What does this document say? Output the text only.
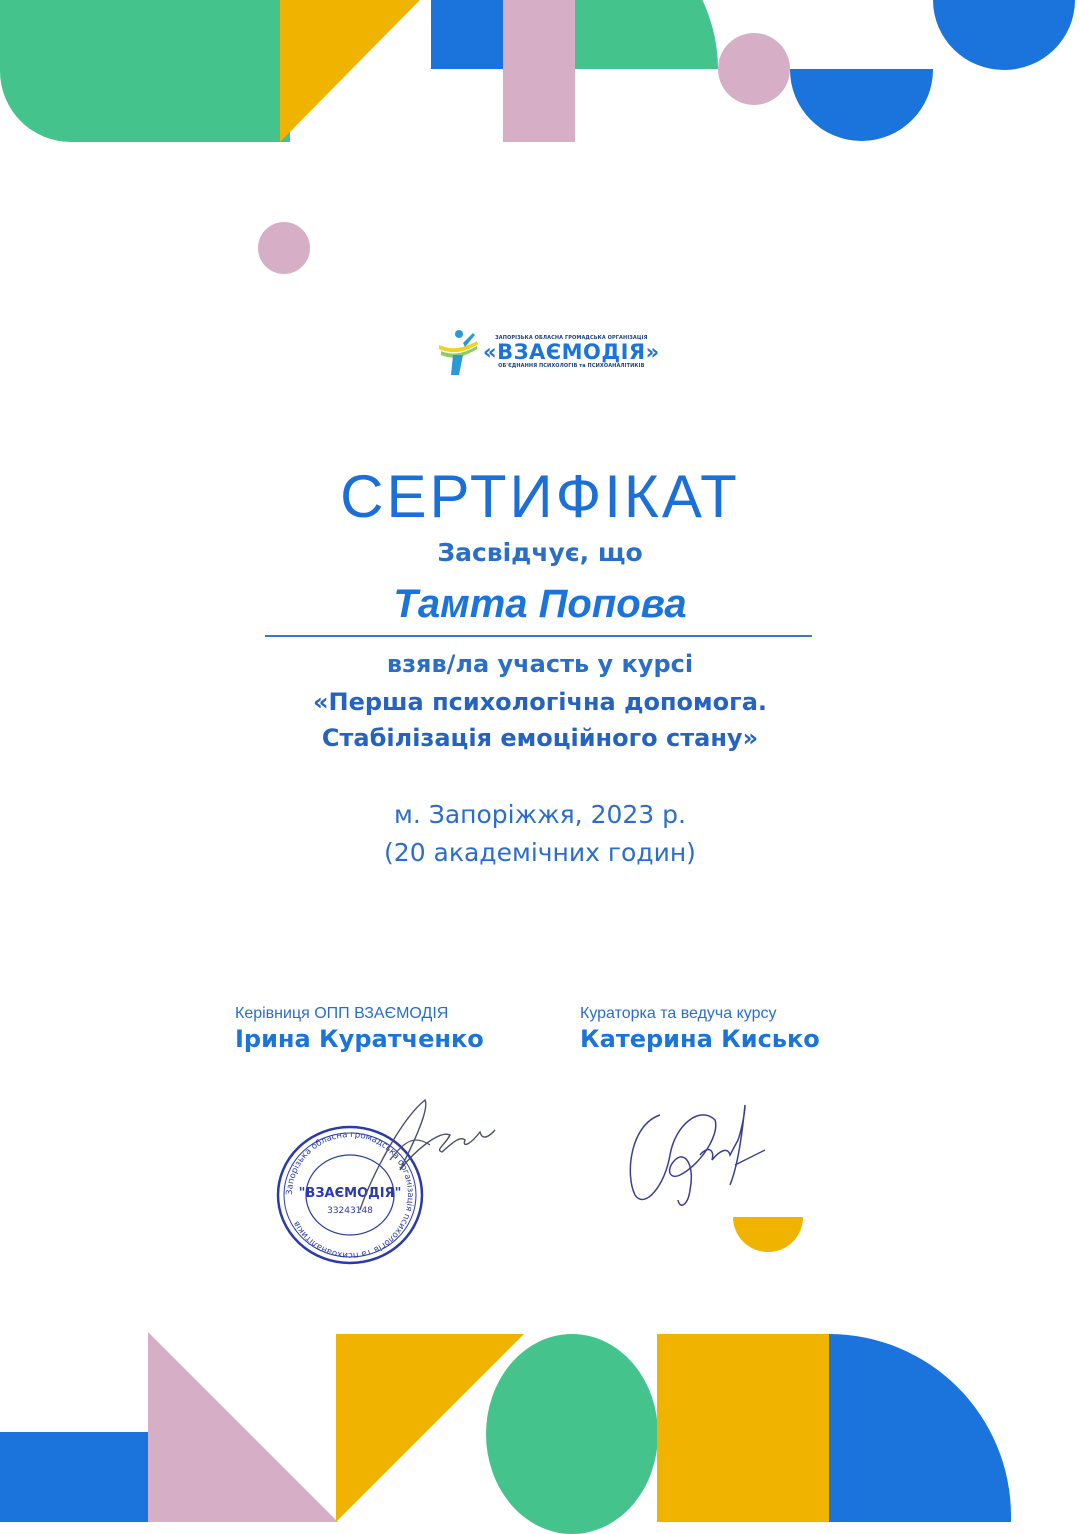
ЗАПОРІЗЬКА ОБЛАСНА ГРОМАДСЬКА ОРГАНІЗАЦІЯ
«ВЗАЄМОДІЯ»
ОБ'ЄДНАННЯ ПСИХОЛОГІВ та ПСИХОАНАЛІТИКІВ
СЕРТИФІКАТ
Засвідчує, що
Тамта Попова
взяв/ла участь у курсі
«Перша психологічна допомога.
Стабілізація емоційного стану»
м. Запоріжжя, 2023 р.
(20 академічних годин)
Керівниця ОПП ВЗАЄМОДІЯ
Ірина Куратченко
Кураторка та ведуча курсу
Катерина Кисько
Запорізька обласна громадська організація психологів та психоаналітиків
"ВЗАЄМОДІЯ"
33243148
